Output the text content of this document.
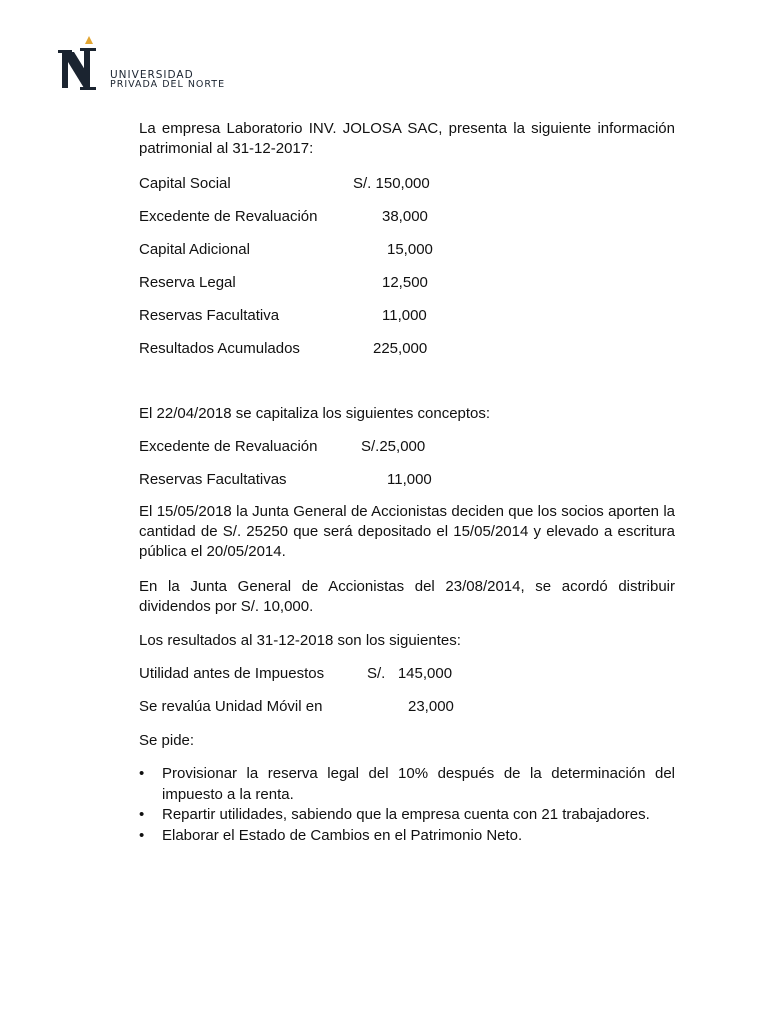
UNIVERSIDAD
PRIVADA DEL NORTE
La empresa Laboratorio INV. JOLOSA SAC, presenta la siguiente información patrimonial al 31-12-2017:
Capital Social	S/. 150,000
Excedente de Revaluación	38,000
Capital Adicional	15,000
Reserva Legal	12,500
Reservas Facultativa	11,000
Resultados Acumulados	225,000
El 22/04/2018 se capitaliza los siguientes conceptos:
Excedente de Revaluación	S/.25,000
Reservas Facultativas	11,000
El 15/05/2018 la Junta General de Accionistas deciden que los socios aporten la cantidad de S/. 25250 que será depositado el 15/05/2014 y elevado a escritura pública el 20/05/2014.
En la Junta General de Accionistas del 23/08/2014, se acordó distribuir dividendos por S/. 10,000.
Los resultados al 31-12-2018 son los siguientes:
Utilidad antes de Impuestos	S/.   145,000
Se revalúa Unidad Móvil en	23,000
Se pide:
• Provisionar la reserva legal del 10% después de la determinación del impuesto a la renta.
• Repartir utilidades, sabiendo que la empresa cuenta con 21 trabajadores.
• Elaborar el Estado de Cambios en el Patrimonio Neto.
